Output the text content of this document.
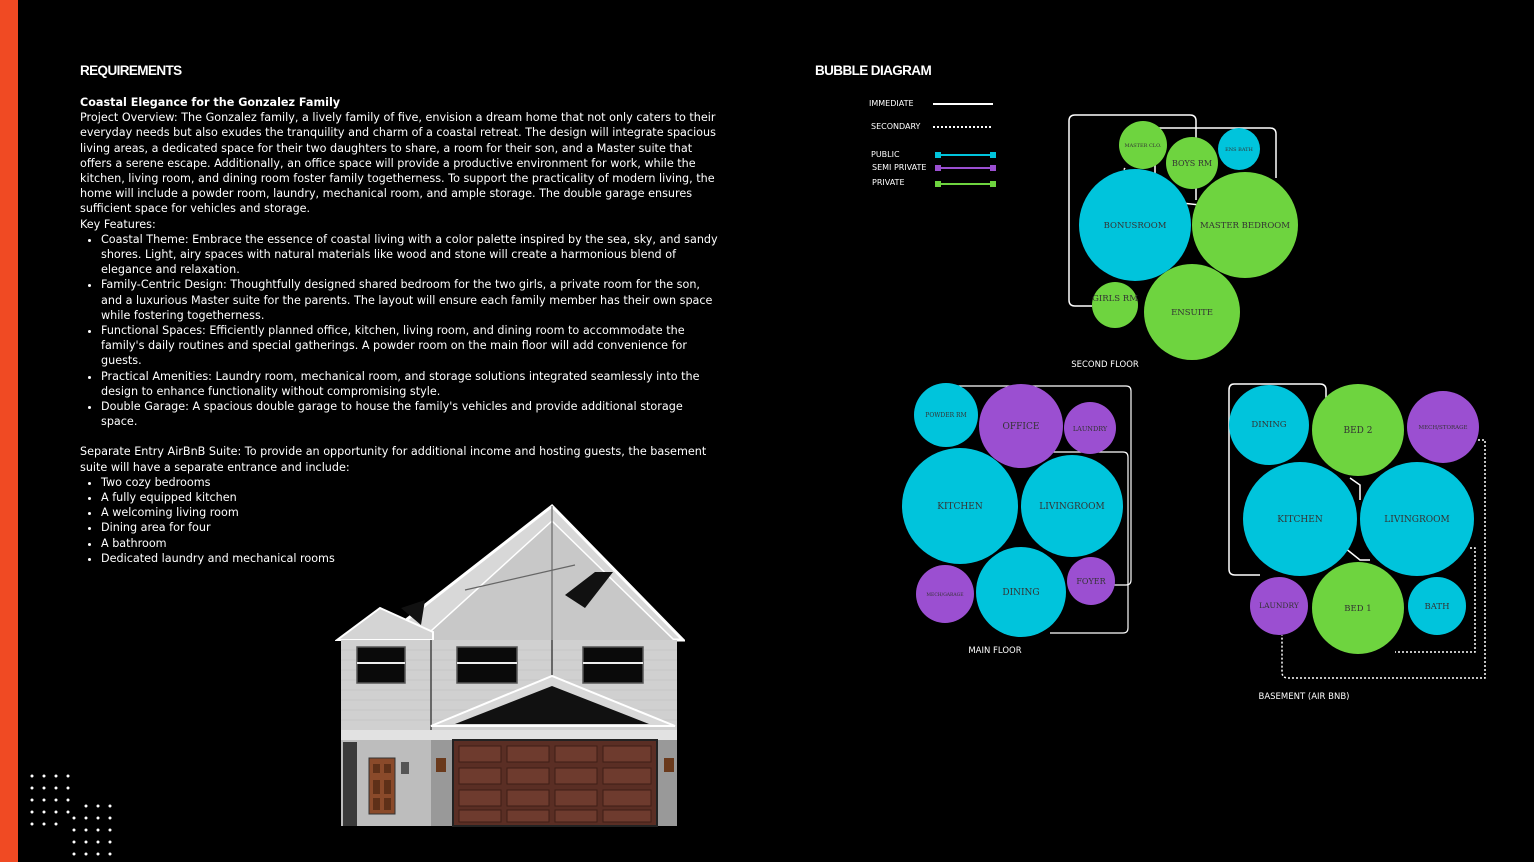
REQUIREMENTS	BUBBLE DIAGRAM

Coastal Elegance for the Gonzalez Family

Project Overview: The Gonzalez family, a lively family of five, envision a dream home that not only caters to their everyday needs but also exudes the tranquility and charm of a coastal retreat. The design will integrate spacious living areas, a dedicated space for their two daughters to share, a room for their son, and a Master suite that offers a serene escape. Additionally, an office space will provide a productive environment for work, while the kitchen, living room, and dining room foster family togetherness. To support the practicality of modern living, the home will include a powder room, laundry, mechanical room, and ample storage. The double garage ensures sufficient space for vehicles and storage.

Key Features:

• Coastal Theme: Embrace the essence of coastal living with a color palette inspired by the sea, sky, and sandy shores. Light, airy spaces with natural materials like wood and stone will create a harmonious blend of elegance and relaxation.
• Family-Centric Design: Thoughtfully designed shared bedroom for the two girls, a private room for the son, and a luxurious Master suite for the parents. The layout will ensure each family member has their own space while fostering togetherness.
• Functional Spaces: Efficiently planned office, kitchen, living room, and dining room to accommodate the family's daily routines and special gatherings. A powder room on the main floor will add convenience for guests.
• Practical Amenities: Laundry room, mechanical room, and storage solutions integrated seamlessly into the design to enhance functionality without compromising style.
• Double Garage: A spacious double garage to house the family's vehicles and provide additional storage space.

Separate Entry AirBnB Suite: To provide an opportunity for additional income and hosting guests, the basement suite will have a separate entrance and include:

• Two cozy bedrooms
• A fully equipped kitchen
• A welcoming living room
• Dining area for four
• A bathroom
• Dedicated laundry and mechanical rooms
IMMEDIATE
SECONDARY
PUBLIC
SEMI PRIVATE
PRIVATE
MASTER CLO.
BOYS RM
ENS BATH
BONUSROOM	MASTER BEDROOM
GIRLS RM
ENSUITE
SECOND FLOOR
POWDER RM
OFFICE	LAUNDRY
KITCHEN	LIVINGROOM
MECH/GARAGE	DINING
FOYER
MAIN FLOOR
DINING
BED 2	MECH/STORAGE
KITCHEN	LIVINGROOM
LAUNDRY	BED 1	BATH
BASEMENT (AIR BNB)
